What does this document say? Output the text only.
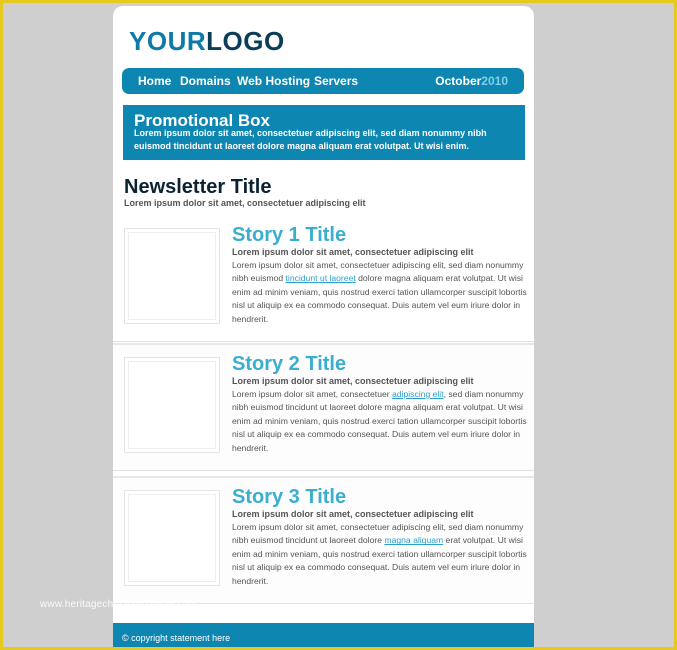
YOURLOGO
Home Domains Web Hosting Servers	October2010
Promotional Box
Lorem ipsum dolor sit amet, consectetuer adipiscing elit, sed diam nonummy nibh euismod tincidunt ut laoreet dolore magna aliquam erat volutpat. Ut wisi enim.
Newsletter Title
Lorem ipsum dolor sit amet, consectetuer adipiscing elit
Story 1 Title
Lorem ipsum dolor sit amet, consectetuer adipiscing elit
Lorem ipsum dolor sit amet, consectetuer adipiscing elit, sed diam nonummy nibh euismod tincidunt ut laoreet dolore magna aliquam erat volutpat. Ut wisi enim ad minim veniam, quis nostrud exerci tation ullamcorper suscipit lobortis nisl ut aliquip ex ea commodo consequat. Duis autem vel eum iriure dolor in hendrerit.
Story 2 Title
Lorem ipsum dolor sit amet, consectetuer adipiscing elit
Lorem ipsum dolor sit amet, consectetuer adipiscing elit, sed diam nonummy nibh euismod tincidunt ut laoreet dolore magna aliquam erat volutpat. Ut wisi enim ad minim veniam, quis nostrud exerci tation ullamcorper suscipit lobortis nisl ut aliquip ex ea commodo consequat. Duis autem vel eum iriure dolor in hendrerit.
Story 3 Title
Lorem ipsum dolor sit amet, consectetuer adipiscing elit
Lorem ipsum dolor sit amet, consectetuer adipiscing elit, sed diam nonummy nibh euismod tincidunt ut laoreet dolore magna aliquam erat volutpat. Ut wisi enim ad minim veniam, quis nostrud exerci tation ullamcorper suscipit lobortis nisl ut aliquip ex ea commodo consequat. Duis autem vel eum iriure dolor in hendrerit.
© copyright statement here
www.heritagechristiancollege.com
